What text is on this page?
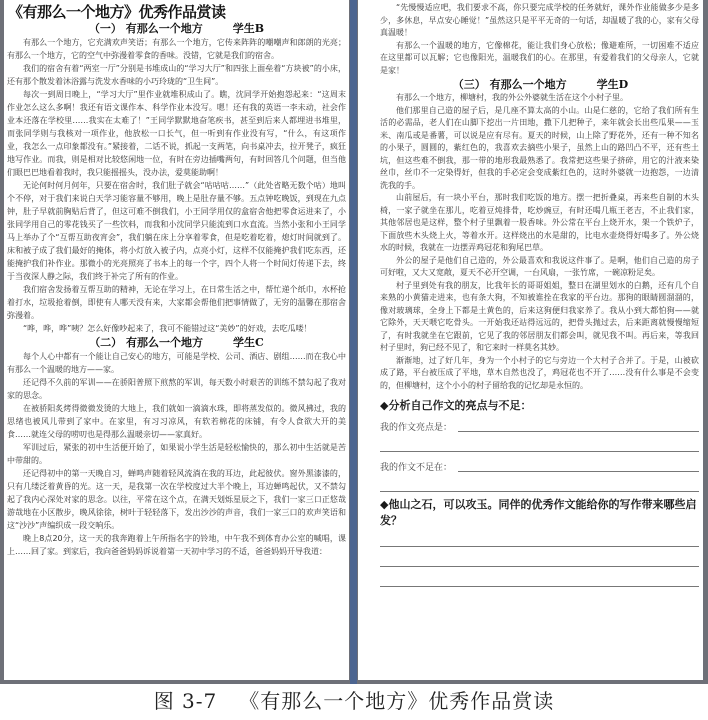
《有那么一个地方》优秀作品赏读
（一） 有那么一个地方	学生B

有那么一个地方，它充满欢声笑语；有那么一个地方，它传来阵阵的嘲嘲声和郎朗的光亮；有那么一个地方，它的空气中弥漫着零食的香味。没错，它就是我们的宿舍。

我们的宿舍有着“两室一厅”分别是书堆成山的“学习大厅”和四张上面垒着“方块被”的小床，还有那个散发着沐浴露与洗发水香味的小巧玲珑的“卫生间”。

每次一到周日晚上，“学习大厅”里作业就堆积成山了。瞧，沈同学开始抱怨起来：“这周末作业怎么这么多啊！我还有语文课作本、科学作业本没写。嗯！还有我的英语一李未动，社会作业本还落在学校里……我实在太难了！”王同学默默地奋笔疾书，甚至到后来人都埋进书堆里，而张同学则与我核对一项作业，他放松一口长气，但一听到有作业没有写，“什么，有这项作业，我怎么一点印象都没有。”紧接着，二话不说，抓起一支两笔，向书桌冲去，拉开凳子，疯狂地写作业。而我，则是相对比较悠闲地一位，有时在旁边插嘴两句，有时回答几个问题，但当他们眼巴巴地看着我时，我只能摇摇头，没办法，爱莫能助啊！

无论何时何月何年，只要在宿舍时，我们肚子就会“咕咕咕……”（此处省略无数个咕）地叫个不停，对于我们来说白天学习能容量不够用，晚上是肚存量不够。五点钟吃晚饭，到现在九点钟，肚子早就前胸贴后背了，但这可难不倒我们，小王同学用仅的盒宿舍他把零食运进来了，小张同学用自己的零花钱买了一些饮料，而我和小沈同学只能流到口水直流。当然小张和小王同学马上举办了个“互帮互助夜宵会”，我们躺在床上分享着零食，但是吃着吃着，熄灯时间就到了。床和被子成了我们最好的掩体，将小灯放入被子内，点亮小灯，这样不仅能掩护我们吃东西，还能掩护我们补作业。那微小的光亮照亮了书本上的每一个字，四个人将一个时间灯传递下去，终于当夜深人静之际，我们终于补完了所有的作业。

我们宿舍发扬着互帮互助的精神，无论在学习上，在日常生活之中，帮忙递个纸巾，水杯抢着打水，垃圾抢着倒，即使有人哪天没有来，大家都会帮他们把事情做了，无穷的温馨在那宿舍弥漫着。

“哗，哗，哗”咦？怎么好像吵起来了，我可不能错过这“美妙”的好戏，去吃瓜喽！

（二） 有那么一个地方	学生C

每个人心中都有一个能让自己安心的地方，可能是学校、公司、酒店、剧组……而在我心中有那么一个温暖的地方——家。

还记得不久前的军训——在骄阳普照下煎熬的军训，每天数小时艰苦的训练不禁勾起了我对家的思念。

在被骄阳炙烤得微微发烫的大地上，我们就如一滴滴水珠，即将蒸发似的。微风拂过，我的思绪也被风儿带到了家中。在家里，有习习凉风，有软若棉花的床铺，有令人食欲大开的美食……就连父母的唠叨也是得那么温暖亲切——家真好。

军训过后，紧张的初中生活便开始了，如果说小学生活是轻松愉快的，那么初中生活就是苦中带甜的。

还记得初中的第一天晚自习，蝉鸣声随着轻风流淌在我的耳边，此起彼伏。窗外黑漆漆的，只有几缕泛着黄昏的光。这一天，是我第一次在学校度过大半个晚上，耳边蝉鸣起伏，又不禁勾起了我内心深处对家的思念。以往，平常在这个点，在满天划烁星辰之下，我们一家三口正悠哉游哉地在小区散步，晚风徐徐，树叶于轻轻落下，发出沙沙的声音，我们一家三口的欢声笑语和这“沙沙”声编织成一段交响乐。

晚上8点20分，这一天的我奔跑着上午所指名字的铃地，中午我不到体育办公室的喊唱，课上……回了家。到家后，我向爸爸妈妈诉说着第一天初中学习的不适，爸爸妈妈开导我道：

“先慢慢适应吧，我们要求不高，你只要完成学校的任务就好，课外作业能做多少是多少，多休息，早点安心睡觉！”虽然这只是平平无奇的一句话，却温暖了我的心，家有父母真温暖！

有那么一个温暖的地方，它像棉花，能让我们身心放松；像避难所，一切困难不适应在这里都可以瓦解；它也像阳光，温暖我们的心。在那里，有爱着我们的父母亲人，它就是家！

（三） 有那么一个地方	学生D

有那么一个地方，柳塘村，我的外公外婆就生活在这个小村子里。

他们那里自己造的屋子后，是几座不算太高的小山。山是仁慈的，它给了我们所有生活的必需品，老人们在山脚下挖出一片田地，撒下几把种子，来年就会长出些瓜果——玉米、南瓜或是番薯，可以说是应有尽有。夏天的时候，山上除了野花外，还有一种不知名的小果子，圆圆的，紫红色的，我喜欢去摘些小果子，虽然上山的路凹凸不平，还有些土坑，但这些难不倒我，那一带的地形我最熟悉了。我常把这些果子挤碎，用它的汁液来染丝巾，丝巾不一定染得好，但我的手必定会变成紫红色的，这时外婆就一边抱怨，一边清洗我的手。

山前屋后，有一块小平台，那时我们吃饭的地方。摆一把折叠桌，再来些自制的木头椅，一家子就坐在那儿，吃着豆炖排骨，吃炒豌豆，有时还喝几瓶王老吉，不止我们家，其他邻居也是这样，整个村子里飘着一股香味。外公常在平台上烧开水，架一个铁炉子，下面放些木头烧上火，等着水开。这样烧出的水是甜的，比电水壶烧得好喝多了。外公烧水的时候，我就在一边摆弄鸡冠花和狗尾巴草。

外公的屋子是他们自己造的，外公最喜欢和我说这件事了。是啊，他们自己造的房子可好啦，又大又宽敞，夏天不必开空调，一台风扇，一张竹席，一碗凉粉足矣。

村子里到处有我的朋友，比我年长的哥哥姐姐，整日在湖里划水的白鹅，还有几个自来熟的小黄猫走进来，也有条大狗，不知被谁拴在我家的平台边。那狗的眼睛圆溜溜的，像对玻璃球，全身上下都是土黄色的，后来这狗便归我家养了。我从小到大都怕狗——就它除外，天天喂它吃骨头。一开始我还站得远远的，把骨头抛过去，后来距离就慢慢缩短了，有时我就坐在它跟前，它见了我的邻居朋友们都会叫，就见我不叫。再后来，等我回村子里时，狗已经不见了，和它来时一样莫名其妙。

渐渐地，过了好几年，身为一个小村子的它与旁边一个大村子合并了。于是，山被砍成了路，平台被压成了平地，草木自然也没了，鸡冠花也不开了……没有什么事是不会变的，但柳塘村，这个小小的村子留给我的记忆却是永恒的。

◆分析自己作文的亮点与不足：
我的作文亮点是：
我的作文不足在：
◆他山之石，可以攻玉。同伴的优秀作文能给你的写作带来哪些启发？
图 3-7 《有那么一个地方》优秀作品赏读
